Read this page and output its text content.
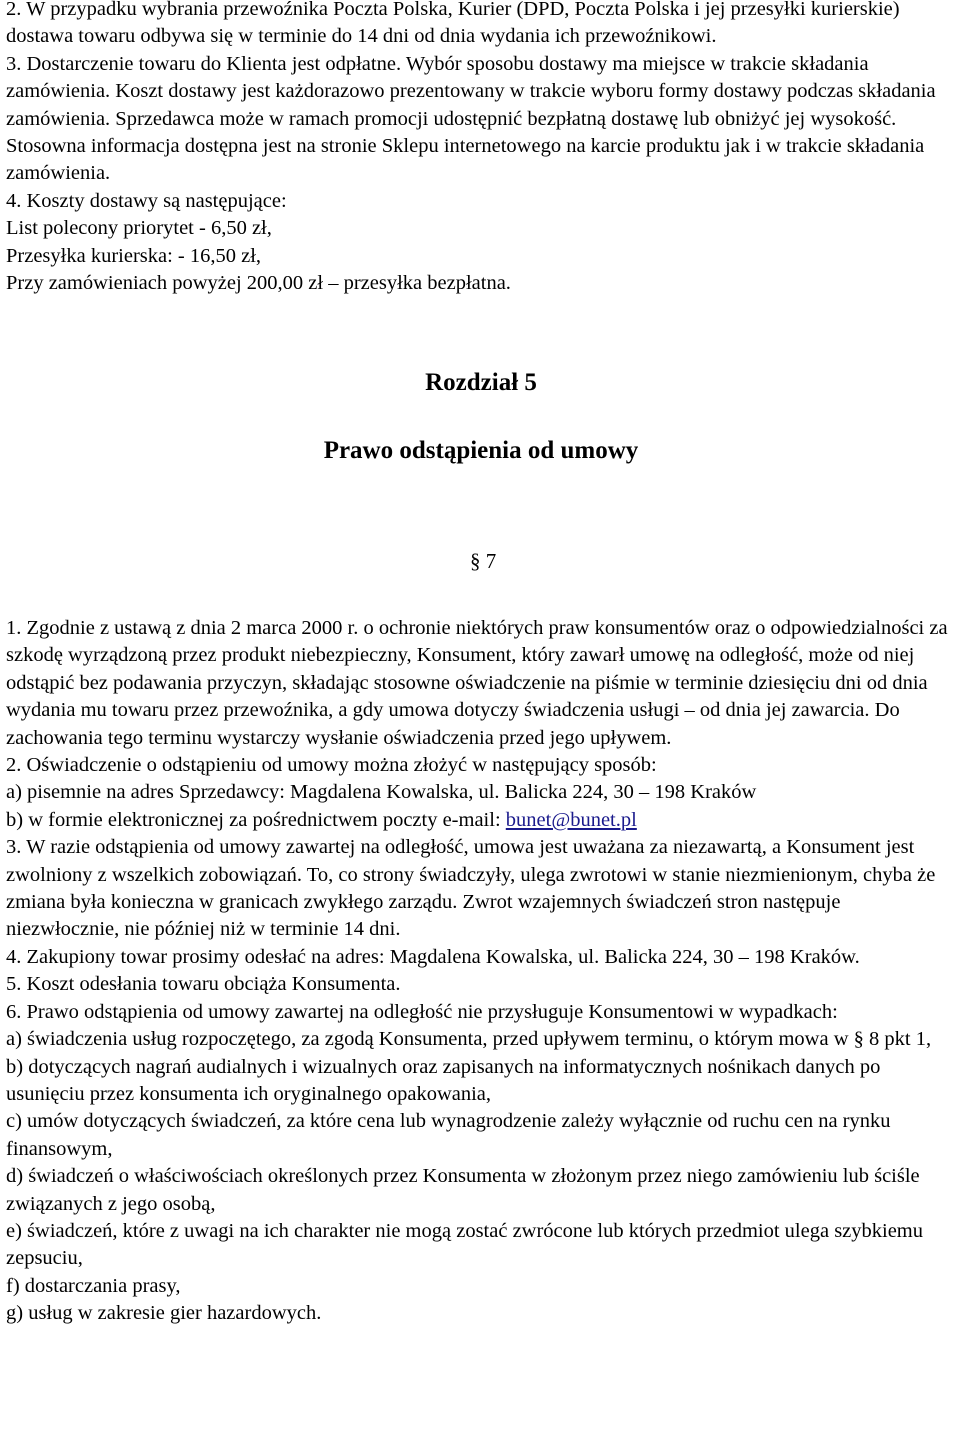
2. W przypadku wybrania przewoźnika Poczta Polska, Kurier (DPD, Poczta Polska i jej przesyłki kurierskie) dostawa towaru odbywa się w terminie do 14 dni od dnia wydania ich przewoźnikowi.

3. Dostarczenie towaru do Klienta jest odpłatne. Wybór sposobu dostawy ma miejsce w trakcie składania zamówienia. Koszt dostawy jest każdorazowo prezentowany w trakcie wyboru formy dostawy podczas składania zamówienia. Sprzedawca może w ramach promocji udostępnić bezpłatną dostawę lub obniżyć jej wysokość. Stosowna informacja dostępna jest na stronie Sklepu internetowego na karcie produktu jak i w trakcie składania zamówienia.

4. Koszty dostawy są następujące:

List polecony priorytet - 6,50 zł,

Przesyłka kurierska: - 16,50 zł,

Przy zamówieniach powyżej 200,00 zł – przesyłka bezpłatna.

Rozdział 5
Prawo odstąpienia od umowy
§ 7

1. Zgodnie z ustawą z dnia 2 marca 2000 r. o ochronie niektórych praw konsumentów oraz o odpowiedzialności za szkodę wyrządzoną przez produkt niebezpieczny, Konsument, który zawarł umowę na odległość, może od niej odstąpić bez podawania przyczyn, składając stosowne oświadczenie na piśmie w terminie dziesięciu dni od dnia wydania mu towaru przez przewoźnika, a gdy umowa dotyczy świadczenia usługi – od dnia jej zawarcia. Do zachowania tego terminu wystarczy wysłanie oświadczenia przed jego upływem.

2. Oświadczenie o odstąpieniu od umowy można złożyć w następujący sposób:

a) pisemnie na adres Sprzedawcy: Magdalena Kowalska, ul. Balicka 224, 30 – 198 Kraków

b) w formie elektronicznej za pośrednictwem poczty e-mail: bunet@bunet.pl

3. W razie odstąpienia od umowy zawartej na odległość, umowa jest uważana za niezawartą, a Konsument jest zwolniony z wszelkich zobowiązań. To, co strony świadczyły, ulega zwrotowi w stanie niezmienionym, chyba że zmiana była konieczna w granicach zwykłego zarządu. Zwrot wzajemnych świadczeń stron następuje niezwłocznie, nie później niż w terminie 14 dni.

4. Zakupiony towar prosimy odesłać na adres: Magdalena Kowalska, ul. Balicka 224, 30 – 198 Kraków.

5. Koszt odesłania towaru obciąża Konsumenta.

6. Prawo odstąpienia od umowy zawartej na odległość nie przysługuje Konsumentowi w wypadkach:

a) świadczenia usług rozpoczętego, za zgodą Konsumenta, przed upływem terminu, o którym mowa w § 8 pkt 1,

b) dotyczących nagrań audialnych i wizualnych oraz zapisanych na informatycznych nośnikach danych po usunięciu przez konsumenta ich oryginalnego opakowania,

c) umów dotyczących świadczeń, za które cena lub wynagrodzenie zależy wyłącznie od ruchu cen na rynku finansowym,

d) świadczeń o właściwościach określonych przez Konsumenta w złożonym przez niego zamówieniu lub ściśle związanych z jego osobą,

e) świadczeń, które z uwagi na ich charakter nie mogą zostać zwrócone lub których przedmiot ulega szybkiemu zepsuciu,

f) dostarczania prasy,

g) usług w zakresie gier hazardowych.
